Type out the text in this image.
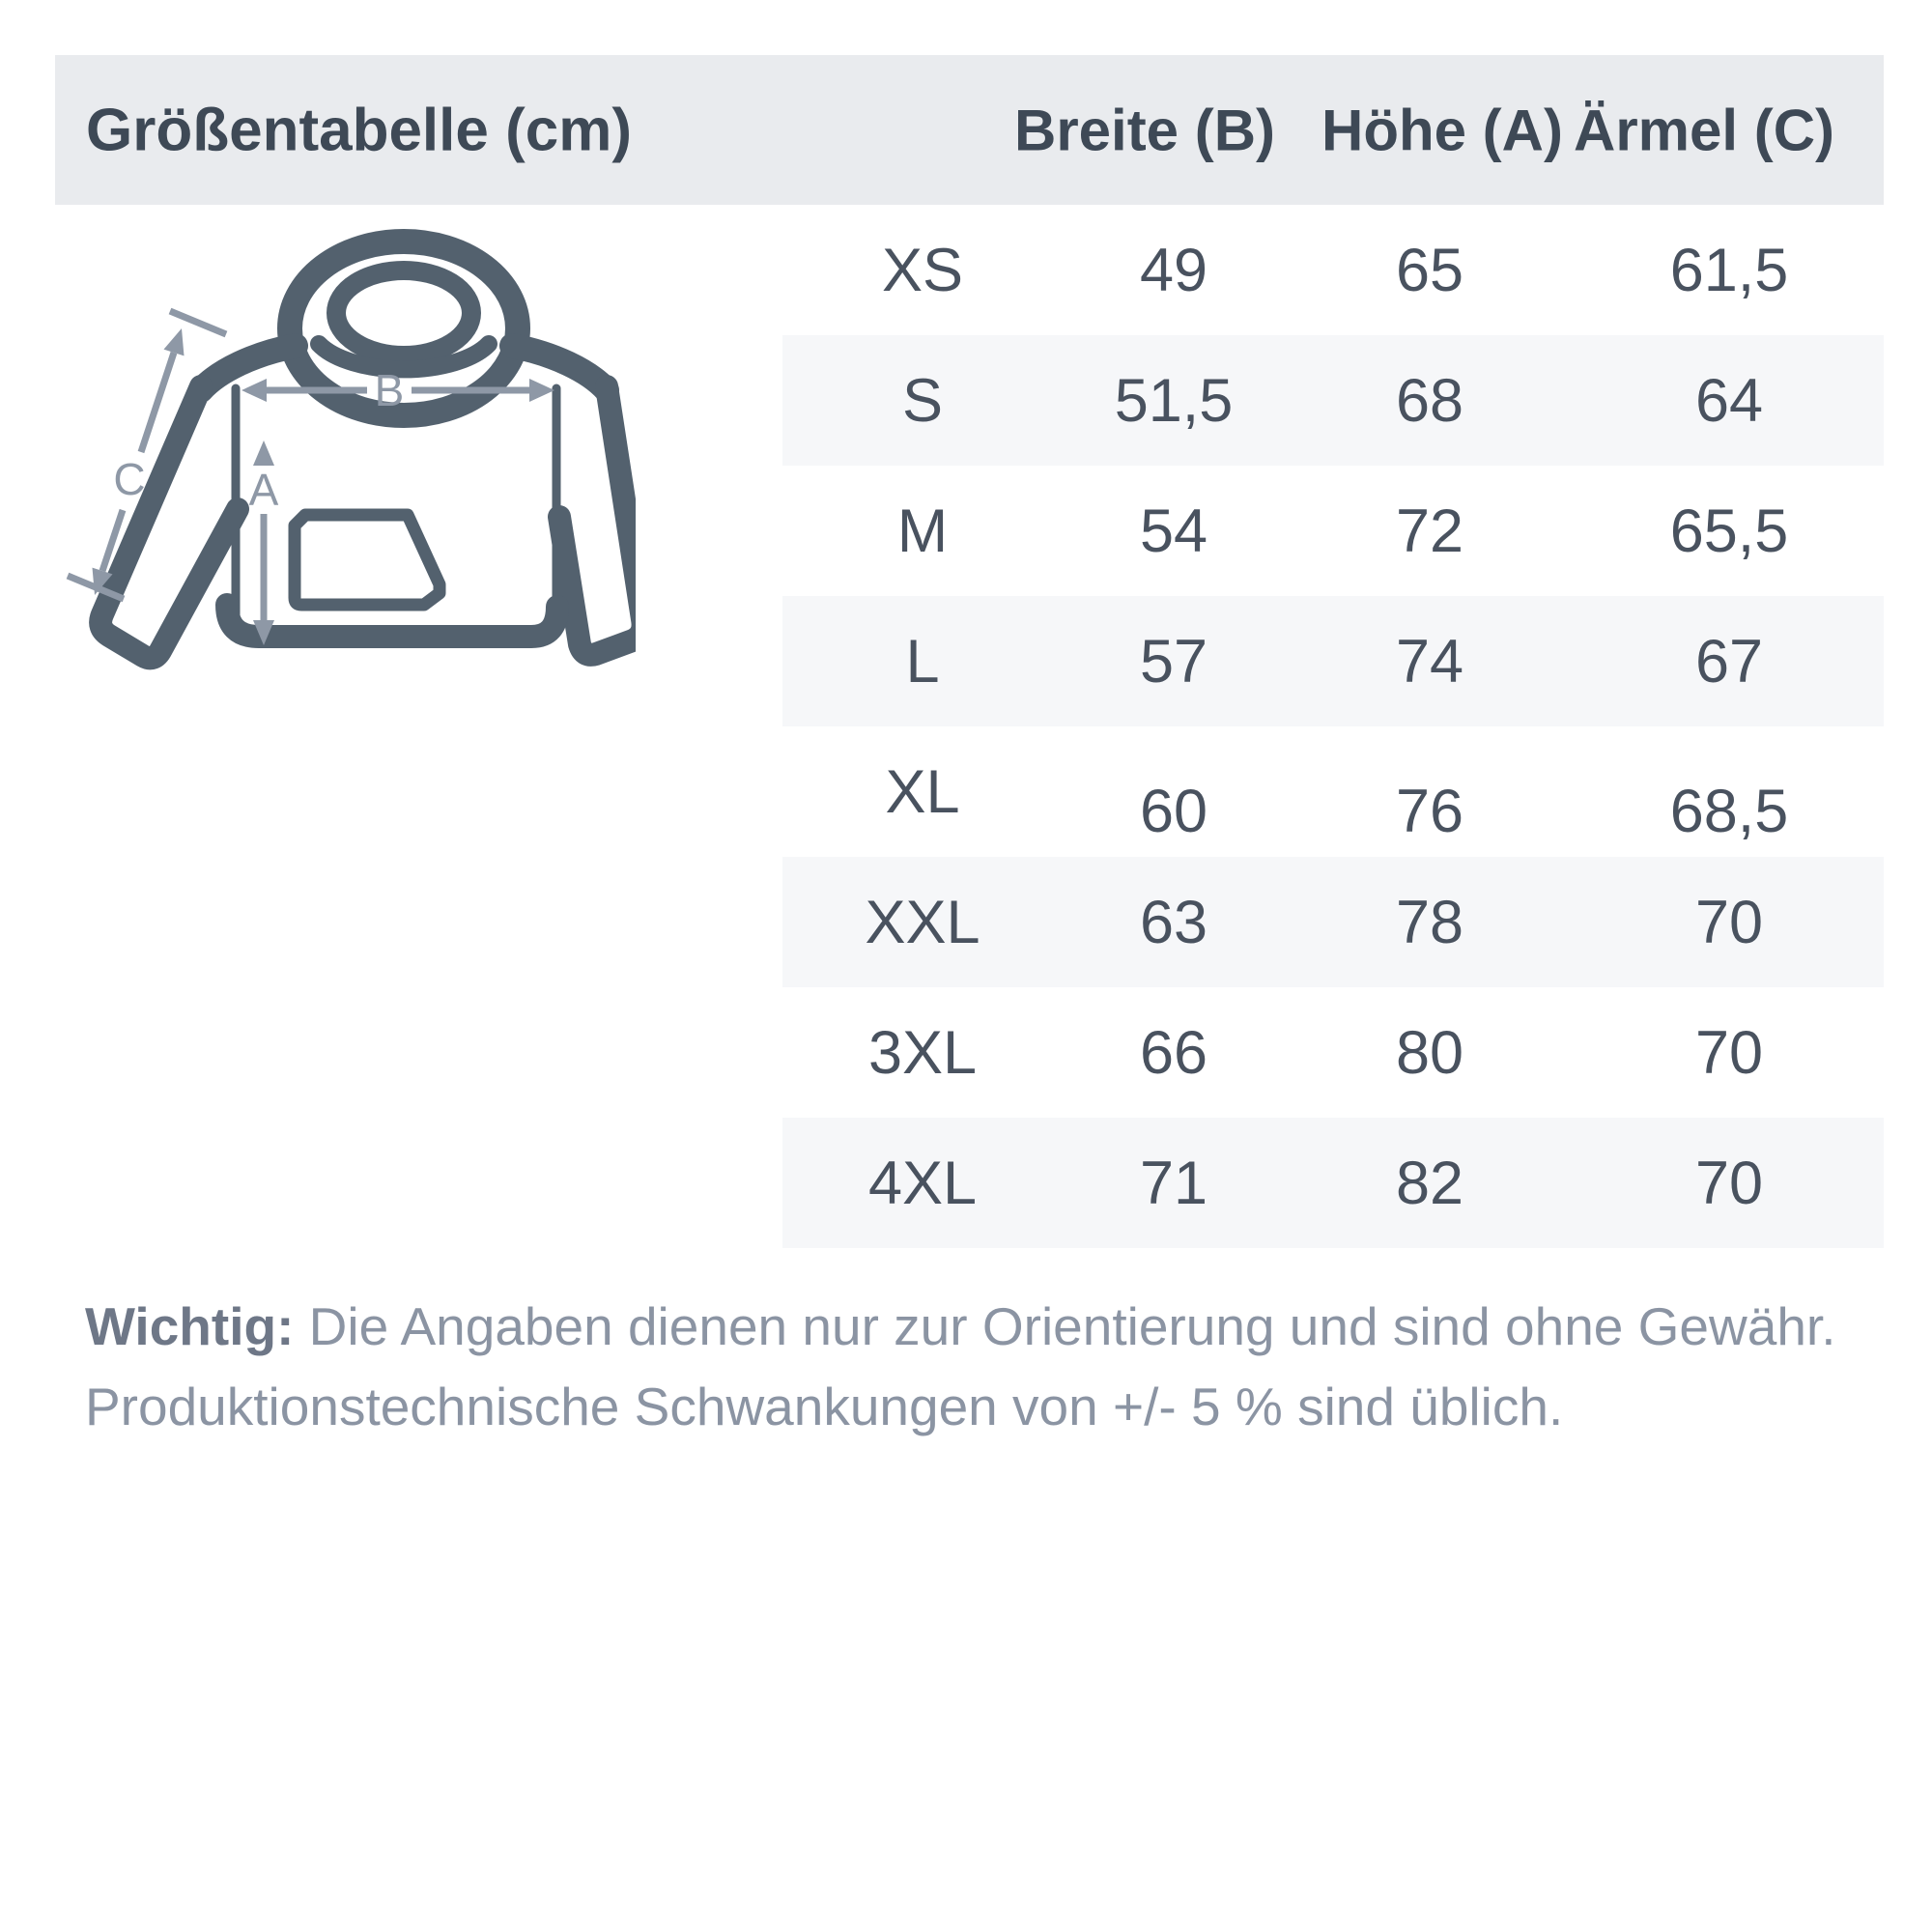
Größentabelle (cm)	Breite (B) Höhe (A) Ärmel (C)
A
B
C
XS	49	65	61,5
S	51,5	68	64
M	54	72	65,5
L	57	74	67
XL	60	76	68,5
XXL	63	78	70
3XL	66	80	70
4XL	71	82	70

Wichtig: Die Angaben dienen nur zur Orientierung und sind ohne Gewähr.
Produktionstechnische Schwankungen von +/- 5 % sind üblich.
